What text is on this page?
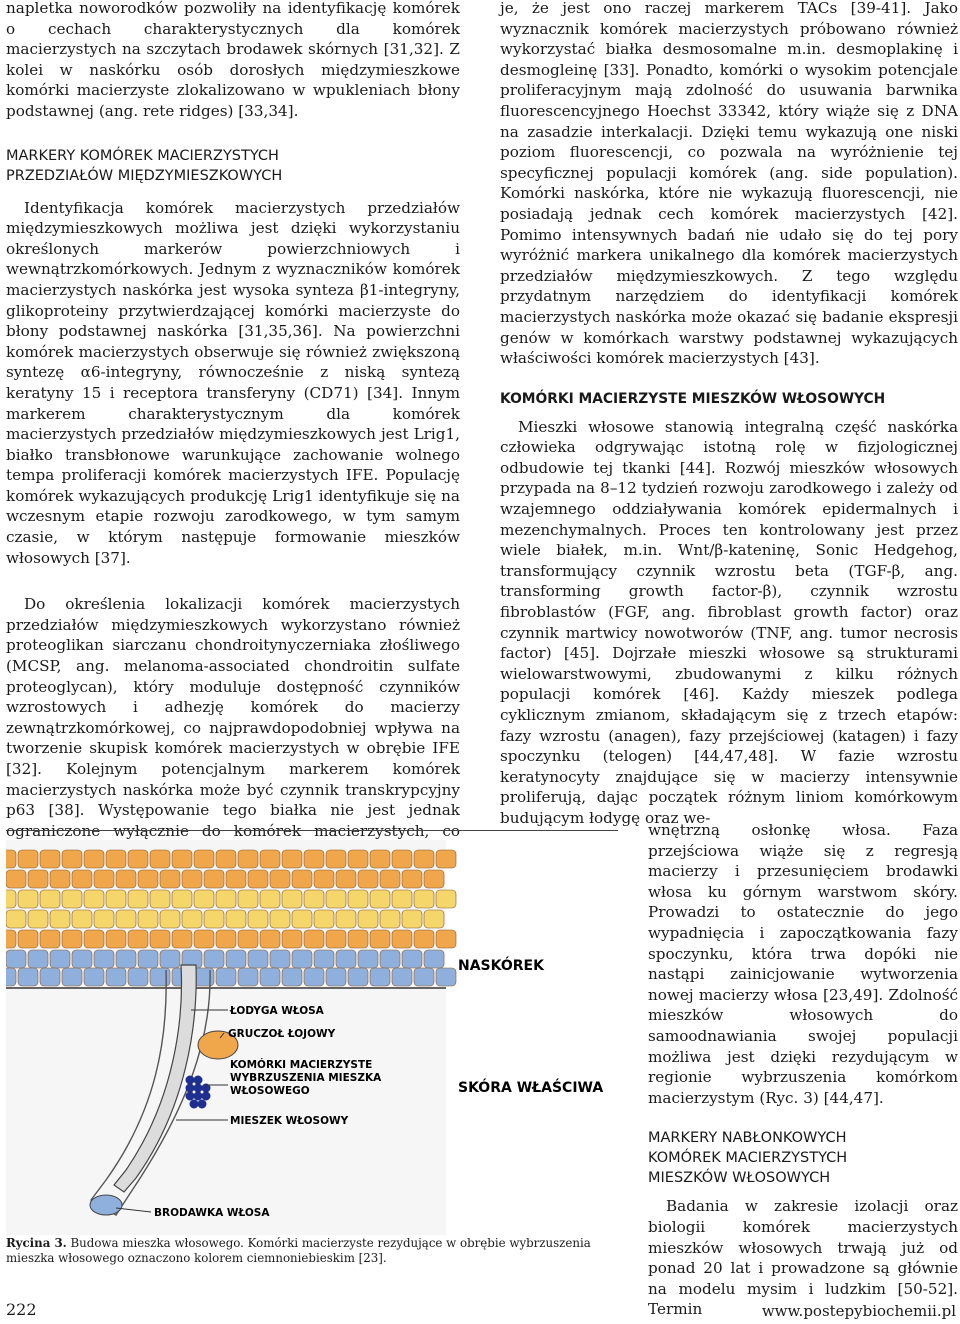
napletka noworodków pozwoliły na identyfikację komórek o cechach charakterystycznych dla komórek macierzystych na szczytach brodawek skórnych [31,32]. Z kolei w naskórku osób dorosłych międzymieszkowe komórki macierzyste zlokalizowano w wpukleniach błony podstawnej (ang. rete ridges) [33,34].

MARKERY KOMÓREK MACIERZYSTYCH
PRZEDZIAŁÓW MIĘDZYMIESZKOWYCH

Identyfikacja komórek macierzystych przedziałów międzymieszkowych możliwa jest dzięki wykorzystaniu określonych markerów powierzchniowych i wewnątrzkomórkowych. Jednym z wyznaczników komórek macierzystych naskórka jest wysoka synteza β1-integryny, glikoproteiny przytwierdzającej komórki macierzyste do błony podstawnej naskórka [31,35,36]. Na powierzchni komórek macierzystych obserwuje się również zwiększoną syntezę α6-integryny, równocześnie z niską syntezą keratyny 15 i receptora transferyny (CD71) [34]. Innym markerem charakterystycznym dla komórek macierzystych przedziałów międzymieszkowych jest Lrig1, białko transbłonowe warunkujące zachowanie wolnego tempa proliferacji komórek macierzystych IFE. Populację komórek wykazujących produkcję Lrig1 identyfikuje się na wczesnym etapie rozwoju zarodkowego, w tym samym czasie, w którym następuje formowanie mieszków włosowych [37].

Do określenia lokalizacji komórek macierzystych przedziałów międzymieszkowych wykorzystano również proteoglikan siarczanu chondroitynyczerniaka złośliwego (MCSP, ang. melanoma-associated chondroitin sulfate proteoglycan), który moduluje dostępność czynników wzrostowych i adhezję komórek do macierzy zewnątrzkomórkowej, co najprawdopodobniej wpływa na tworzenie skupisk komórek macierzystych w obrębie IFE [32]. Kolejnym potencjalnym markerem komórek macierzystych naskórka może być czynnik transkrypcyjny p63 [38]. Występowanie tego białka nie jest jednak ograniczone wyłącznie do komórek macierzystych, co

je, że jest ono raczej markerem TACs [39-41]. Jako wyznacznik komórek macierzystych próbowano również wykorzystać białka desmosomalne m.in. desmoplakinę i desmogleinę [33]. Ponadto, komórki o wysokim potencjale proliferacyjnym mają zdolność do usuwania barwnika fluorescencyjnego Hoechst 33342, który wiąże się z DNA na zasadzie interkalacji. Dzięki temu wykazują one niski poziom fluorescencji, co pozwala na wyróżnienie tej specyficznej populacji komórek (ang. side population). Komórki naskórka, które nie wykazują fluorescencji, nie posiadają jednak cech komórek macierzystych [42]. Pomimo intensywnych badań nie udało się do tej pory wyróżnić markera unikalnego dla komórek macierzystych przedziałów międzymieszkowych. Z tego względu przydatnym narzędziem do identyfikacji komórek macierzystych naskórka może okazać się badanie ekspresji genów w komórkach warstwy podstawnej wykazujących właściwości komórek macierzystych [43].

KOMÓRKI MACIERZYSTE MIESZKÓW WŁOSOWYCH

Mieszki włosowe stanowią integralną część naskórka człowieka odgrywając istotną rolę w fizjologicznej odbudowie tej tkanki [44]. Rozwój mieszków włosowych przypada na 8–12 tydzień rozwoju zarodkowego i zależy od wzajemnego oddziaływania komórek epidermalnych i mezenchymalnych. Proces ten kontrolowany jest przez wiele białek, m.in. Wnt/β-kateninę, Sonic Hedgehog, transformujący czynnik wzrostu beta (TGF-β, ang. transforming growth factor-β), czynnik wzrostu fibroblastów (FGF, ang. fibroblast growth factor) oraz czynnik martwicy nowotworów (TNF, ang. tumor necrosis factor) [45]. Dojrzałe mieszki włosowe są strukturami wielowarstwowymi, zbudowanymi z kilku różnych populacji komórek [46]. Każdy mieszek podlega cyklicznym zmianom, składającym się z trzech etapów: fazy wzrostu (anagen), fazy przejściowej (katagen) i fazy spoczynku (telogen) [44,47,48]. W fazie wzrostu keratynocyty znajdujące się w macierzy intensywnie proliferują, dając początek różnym liniom komórkowym budującym łodygę oraz we-

NASKÓREK
SKÓRA WŁAŚCIWA
ŁODYGA WŁOSA
GRUCZOŁ ŁOJOWY
KOMÓRKI MACIERZYSTE
WYBRZUSZENIA MIESZKA
WŁOSOWEGO
MIESZEK WŁOSOWY
BRODAWKA WŁOSA
Rycina 3. Budowa mieszka włosowego. Komórki macierzyste rezydujące w obrębie wybrzuszenia mieszka włosowego oznaczono kolorem ciemnoniebieskim [23].

wnętrzną osłonkę włosa. Faza przejściowa wiąże się z regresją macierzy i przesunięciem brodawki włosa ku górnym warstwom skóry. Prowadzi to ostatecznie do jego wypadnięcia i zapoczątkowania fazy spoczynku, która trwa dopóki nie nastąpi zainicjowanie wytworzenia nowej macierzy włosa [23,49]. Zdolność mieszków włosowych do samoodnawiania swojej populacji możliwa jest dzięki rezydującym w regionie wybrzuszenia komórkom macierzystym (Ryc. 3) [44,47].

MARKERY NABŁONKOWYCH
KOMÓREK MACIERZYSTYCH
MIESZKÓW WŁOSOWYCH

Badania w zakresie izolacji oraz biologii komórek macierzystych mieszków włosowych trwają już od ponad 20 lat i prowadzone są głównie na modelu mysim i ludzkim [50-52]. Termin

222	www.postepybiochemii.pl
